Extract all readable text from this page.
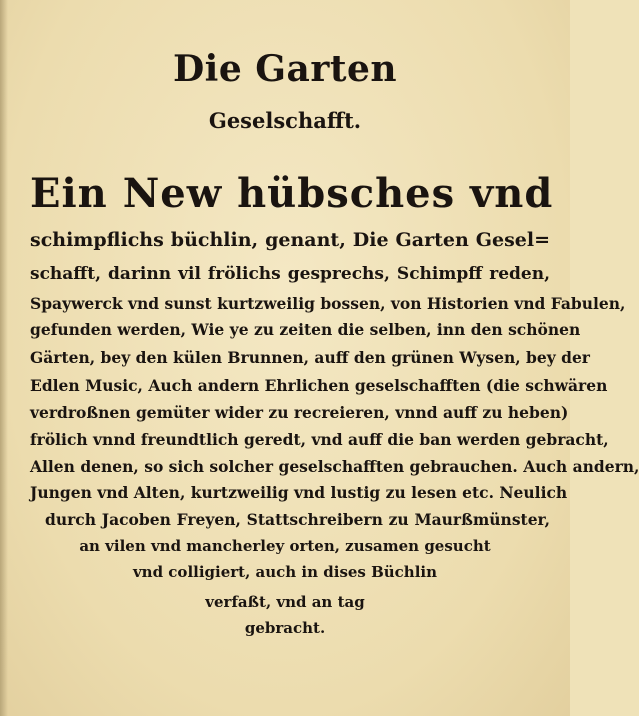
Die Garten
Geselschafft.

Ein New hübsches vnd

schimpflichs büchlin, genant, Die Garten Gesel=

schafft, darinn vil frölichs gesprechs, Schimpff reden,

Spaywerck vnd sunst kurtzweilig bossen, von Historien vnd Fabulen,

gefunden werden, Wie ye zu zeiten die selben, inn den schönen

Gärten, bey den külen Brunnen, auff den grünen Wysen, bey der

Edlen Music, Auch andern Ehrlichen geselschafften (die schwären

verdroßnen gemüter wider zu recreieren, vnnd auff zu heben)

frölich vnnd freundtlich geredt, vnd auff die ban werden gebracht,

Allen denen, so sich solcher geselschafften gebrauchen. Auch andern,

Jungen vnd Alten, kurtzweilig vnd lustig zu lesen etc. Neulich

durch Jacoben Freyen, Stattschreibern zu Maurßmünster,

an vilen vnd mancherley orten, zusamen gesucht

vnd colligiert, auch in dises Büchlin

verfaßt, vnd an tag

gebracht.
